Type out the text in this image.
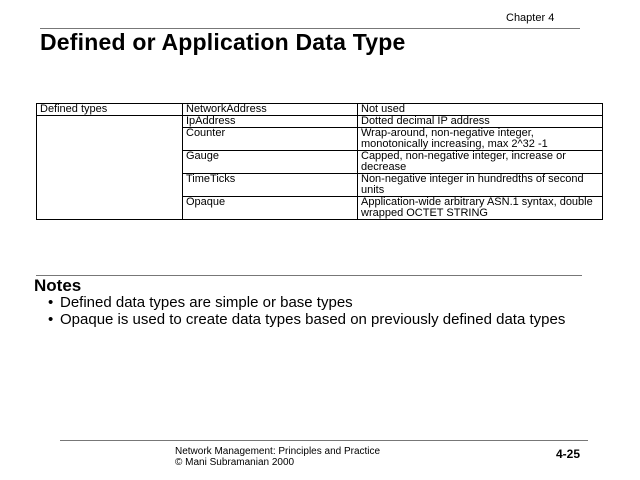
Chapter 4
Defined or Application Data Type
Defined types	NetworkAddress	Not used
	IpAddress	Dotted decimal IP address
	Counter	Wrap-around, non-negative integer, monotonically increasing, max 2^32 -1
	Gauge	Capped, non-negative integer, increase or decrease
	TimeTicks	Non-negative integer in hundredths of second units
	Opaque	Application-wide arbitrary ASN.1 syntax, double wrapped OCTET STRING
Notes
• Defined data types are simple or base types
• Opaque is used to create data types based on previously defined data types
Network Management: Principles and Practice
© Mani Subramanian 2000
4-25
